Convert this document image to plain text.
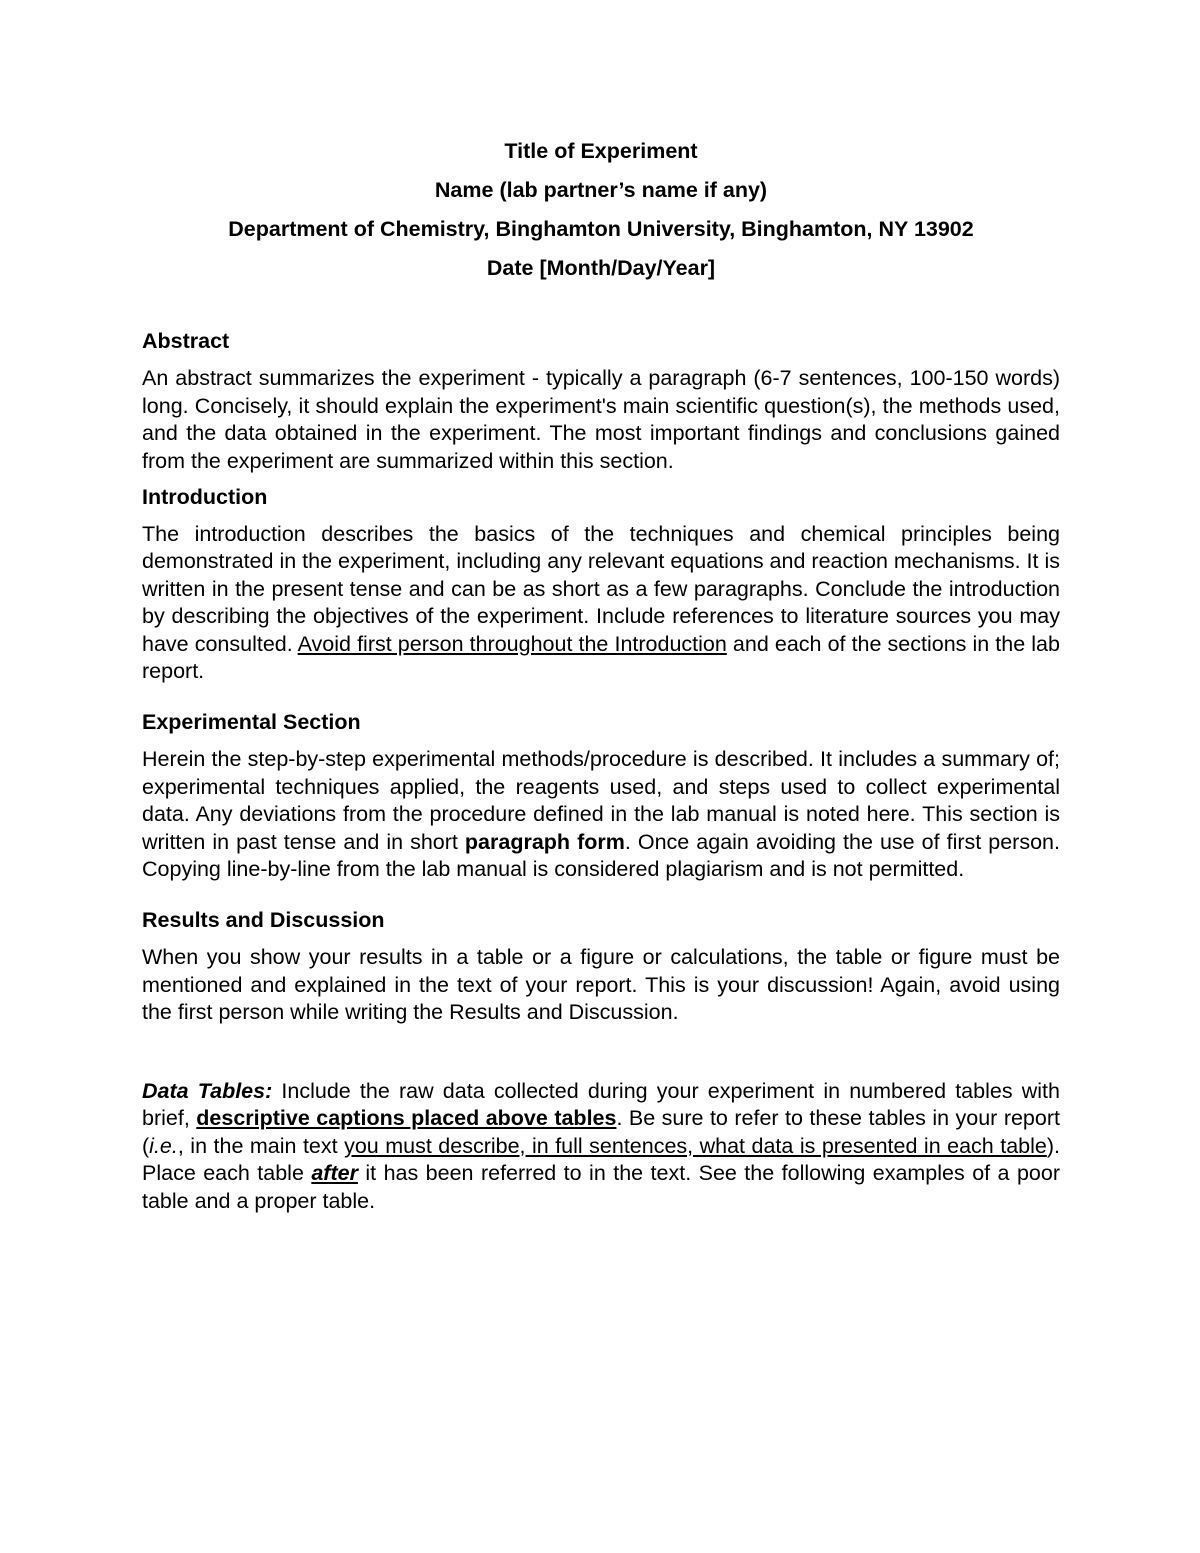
Title of Experiment
Name (lab partner’s name if any)
Department of Chemistry, Binghamton University, Binghamton, NY 13902
Date [Month/Day/Year]
Abstract

An abstract summarizes the experiment - typically a paragraph (6-7 sentences, 100-150 words) long. Concisely, it should explain the experiment's main scientific question(s), the methods used, and the data obtained in the experiment. The most important findings and conclusions gained from the experiment are summarized within this section.

Introduction

The introduction describes the basics of the techniques and chemical principles being demonstrated in the experiment, including any relevant equations and reaction mechanisms. It is written in the present tense and can be as short as a few paragraphs. Conclude the introduction by describing the objectives of the experiment. Include references to literature sources you may have consulted. Avoid first person throughout the Introduction and each of the sections in the lab report.

Experimental Section

Herein the step-by-step experimental methods/procedure is described. It includes a summary of; experimental techniques applied, the reagents used, and steps used to collect experimental data. Any deviations from the procedure defined in the lab manual is noted here. This section is written in past tense and in short paragraph form. Once again avoiding the use of first person. Copying line-by-line from the lab manual is considered plagiarism and is not permitted.

Results and Discussion

When you show your results in a table or a figure or calculations, the table or figure must be mentioned and explained in the text of your report. This is your discussion! Again, avoid using the first person while writing the Results and Discussion.

Data Tables: Include the raw data collected during your experiment in numbered tables with brief, descriptive captions placed above tables. Be sure to refer to these tables in your report (i.e., in the main text you must describe, in full sentences, what data is presented in each table). Place each table after it has been referred to in the text. See the following examples of a poor table and a proper table.
